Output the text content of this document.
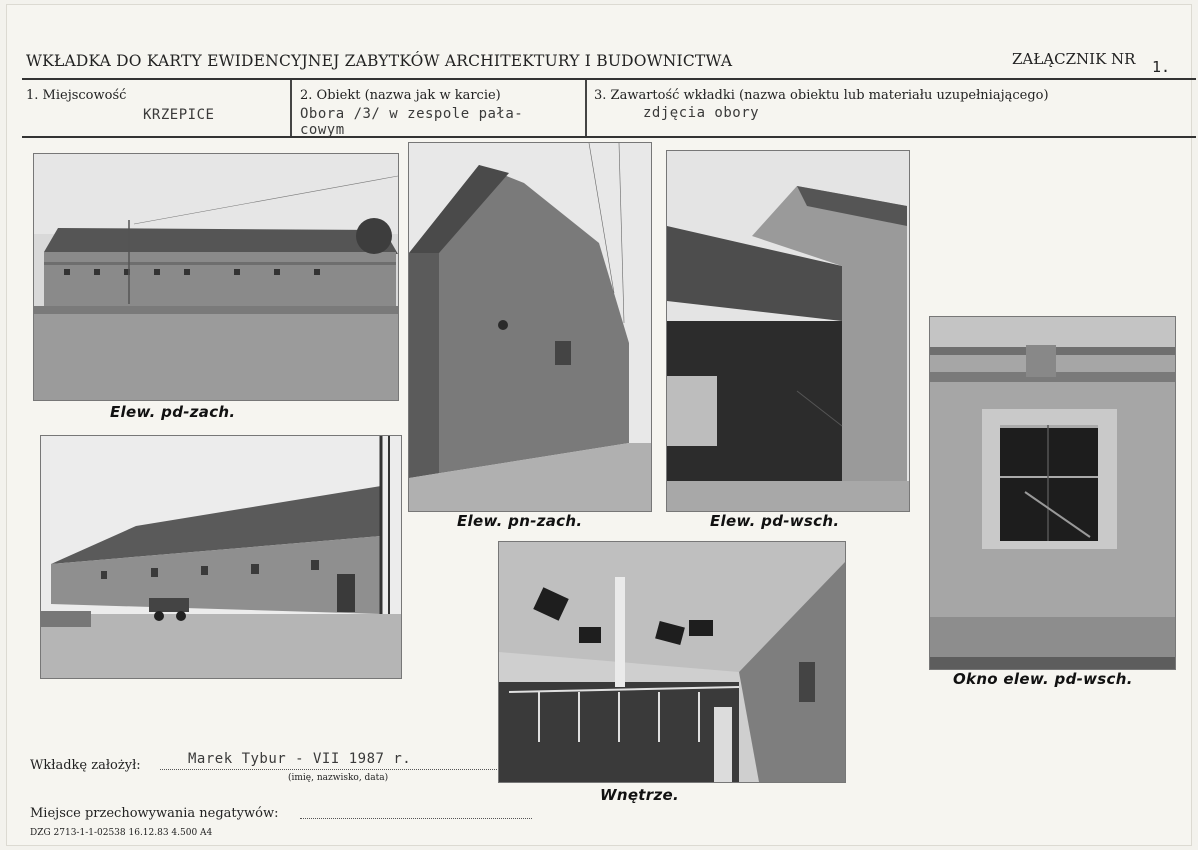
WKŁADKA DO KARTY EWIDENCYJNEJ ZABYTKÓW ARCHITEKTURY I BUDOWNICTWA	ZAŁĄCZNIK NR 1.
1. Miejscowość
KRZEPICE
2. Obiekt (nazwa jak w karcie)
Obora /3/ w zespole pała-
cowym
3. Zawartość wkładki (nazwa obiektu lub materiału uzupełniającego)
zdjęcia obory
Elew. pd-zach.
Elew. pn-zach.	Elew. pd-wsch.
Wnętrze.
Okno elew. pd-wsch.
Wkładkę założył:	Marek Tybur - VII 1987 r.
(imię, nazwisko, data)
Miejsce przechowywania negatywów:
DZG 2713-1-1-02538 16.12.83 4.500 A4
